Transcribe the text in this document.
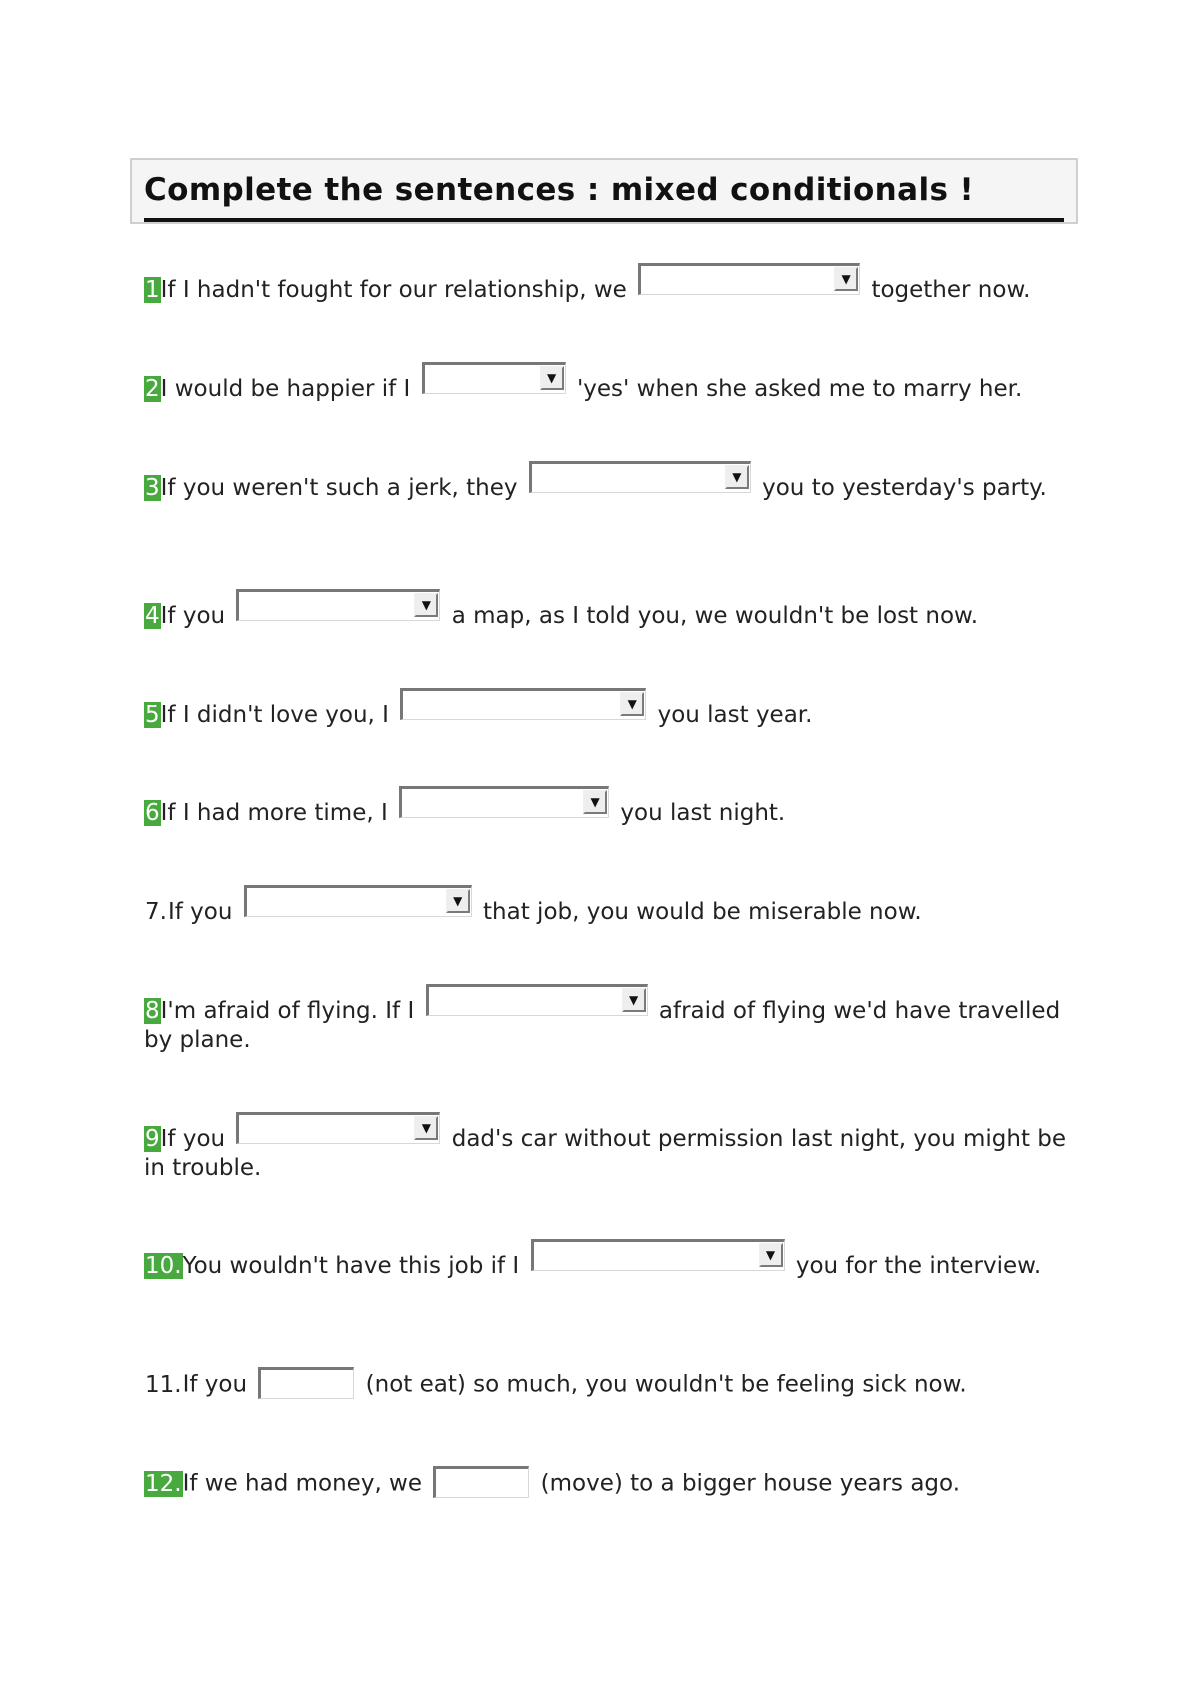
Complete the sentences : mixed conditionals !
1If I hadn't fought for our relationship, we	▼ together now.
2I would be happier if I	▼ 'yes' when she asked me to marry her.
3If you weren't such a jerk, they	▼ you to yesterday's party.
4If you	▼ a map, as I told you, we wouldn't be lost now.
5If I didn't love you, I	▼ you last year.
6If I had more time, I	▼ you last night.
7.If you	▼ that job, you would be miserable now.
8I'm afraid of flying. If I	▼ afraid of flying we'd have travelled by plane.
9If you	▼ dad's car without permission last night, you might be in trouble.
10.You wouldn't have this job if I	▼ you for the interview.
11.If you	(not eat) so much, you wouldn't be feeling sick now.
12.If we had money, we	(move) to a bigger house years ago.
